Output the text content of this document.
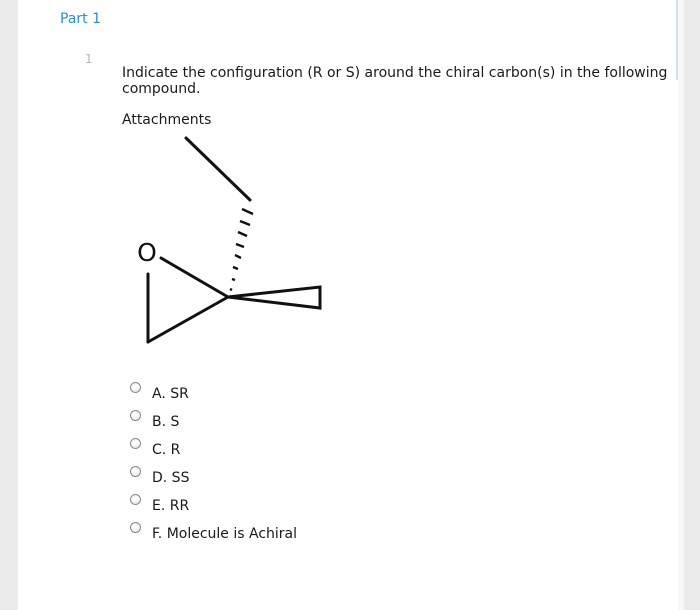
Part 1
1
Indicate the configuration (R or S) around the chiral carbon(s) in the following compound.
Attachments
O
A. SR
B. S
C. R
D. SS
E. RR
F. Molecule is Achiral
